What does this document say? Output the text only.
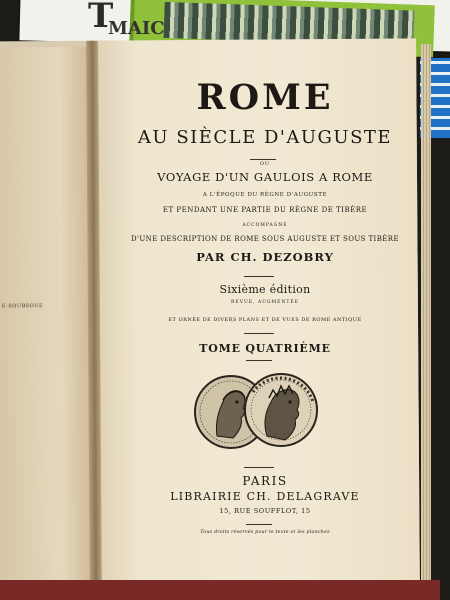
T
MAIC
E-SOUBSOUE
ROME
AU SIÈCLE D'AUGUSTE
OU
VOYAGE D'UN GAULOIS A ROME
A L'ÉPOQUE DU RÈGNE D'AUGUSTE
ET PENDANT UNE PARTIE DU RÈGNE DE TIBÈRE
ACCOMPAGNÉ
D'UNE DESCRIPTION DE ROME SOUS AUGUSTE ET SOUS TIBÈRE
PAR CH. DEZOBRY
Sixième édition
REVUE, AUGMENTÉE
ET ORNÉE DE DIVERS PLANS ET DE VUES DE ROME ANTIQUE
TOME QUATRIÈME
PARIS
LIBRAIRIE CH. DELAGRAVE
15, RUE SOUFFLOT, 15
Tous droits réservés pour le texte et les planches
